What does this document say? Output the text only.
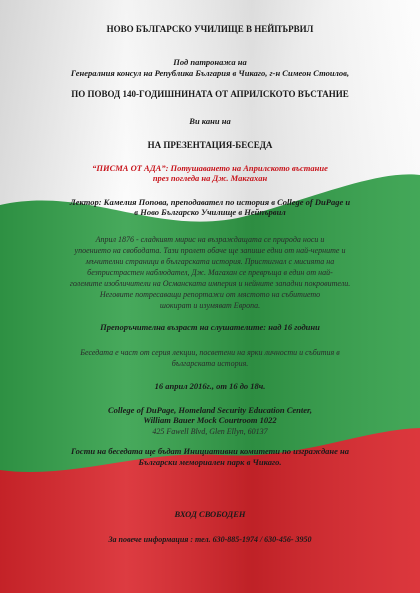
НОВО БЪЛГАРСКО УЧИЛИЩЕ В НЕЙПЪРВИЛ
Под патронажа на
Генералния консул на Република България в Чикаго, г-н Симеон Стоилов,
ПО ПОВОД 140-ГОДИШНИНАТА ОТ АПРИЛСКОТО ВЪСТАНИЕ
Ви кани на
НА ПРЕЗЕНТАЦИЯ-БЕСЕДА
“ПИСМА ОТ АДА”: Потушаването на Априлското въстание
през погледа на Дж. Макгахан
Лектор: Камелия Попова, преподавател по история в College of DuPage и
в Ново Българско Училище в Нейпървил
Април 1876 - сладкият мирис на възраждащата се природа носи и
упоението на свободата. Тази пролет обаче ще запише едни от най-черните и
мъчителни страници в българската история. Пристигнал с мисията на
безпристрастен наблюдател, Дж. Магахан се превръща в един от най-
големите изобличители на Османската империя и нейните западни покровители.
Неговите потресаващи репортажи от мястото на събитието
шокират и изумяват Европа.
Препоръчителна възраст на слушателите: над 16 години
Беседата е част от серия лекции, посветени на ярки личности и събития в
българската история.
16 април 2016г., от 16 до 18ч.
College of DuPage, Homeland Security Education Center,
William Bauer Mock Courtroom 1022
425 Fawell Blvd, Glen Ellyn, 60137
Гости на беседата ще бъдат Инициативни комитети по изграждане на
Български мемориален парк в Чикаго.
ВХОД СВОБОДЕН
За повече информация : тел. 630-885-1974 / 630-456- 3950
